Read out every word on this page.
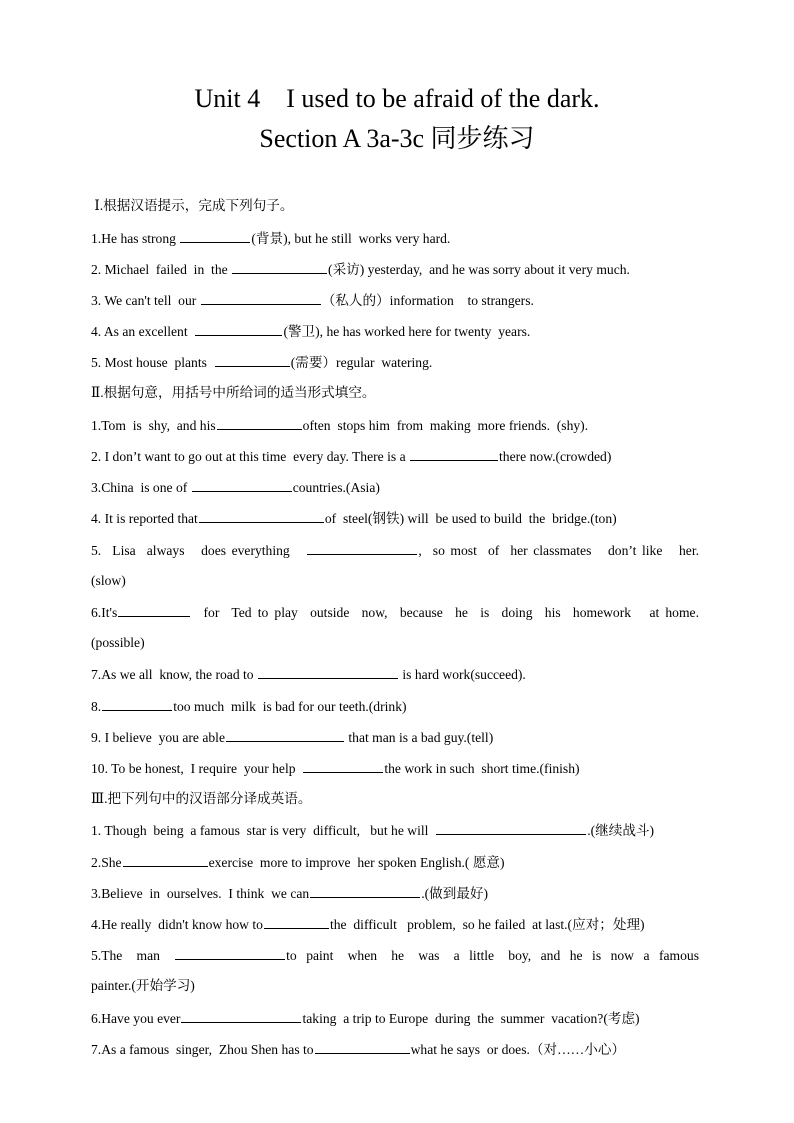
Unit 4    I used to be afraid of the dark.
Section A 3a-3c 同步练习
Ⅰ.根据汉语提示，完成下列句子。
1.He has strong	(背景), but he still  works very hard.
2. Michael  failed  in  the	(采访) yesterday,  and he was sorry about it very much.
3. We can't tell  our	（私人的）information    to strangers.
4. As an excellent	(警卫), he has worked here for twenty  years.
5. Most house  plants	(需要）regular  watering.
Ⅱ.根据句意，用括号中所给词的适当形式填空。
1.Tom  is  shy,  and his	often  stops him  from  making  more friends.  (shy).
2. I don’t want to go out at this time  every day. There is a	there now.(crowded)
3.China  is one of	countries.(Asia)
4. It is reported that	of  steel(钢铁) will  be used to build  the  bridge.(ton)
5.  Lisa  always   does everything	,  so most  of  her classmates   don’t like   her.
(slow)
6.It's	for  Ted to play  outside  now,  because  he  is  doing  his  homework   at home.
(possible)
7.As we all  know, the road to	is hard work(succeed).
8.	too much  milk  is bad for our teeth.(drink)
9. I believe  you are able	that man is a bad guy.(tell)
10. To be honest,  I require  your help	the work in such  short time.(finish)
Ⅲ.把下列句中的汉语部分译成英语。
1. Though  being  a famous  star is very  difficult,   but he will	.(继续战斗)
2.She	exercise  more to improve  her spoken English.( 愿意)
3.Believe  in  ourselves.  I think  we can	.(做到最好)
4.He really  didn't know how to	the  difficult   problem,  so he failed  at last.(应对；处理)
5.The   man	to  paint   when   he   was   a  little   boy,  and  he  is  now  a  famous
painter.(开始学习)
6.Have you ever	taking  a trip to Europe  during  the  summer  vacation?(考虑)
7.As a famous  singer,  Zhou Shen has to	what he says  or does.（对……小心）
